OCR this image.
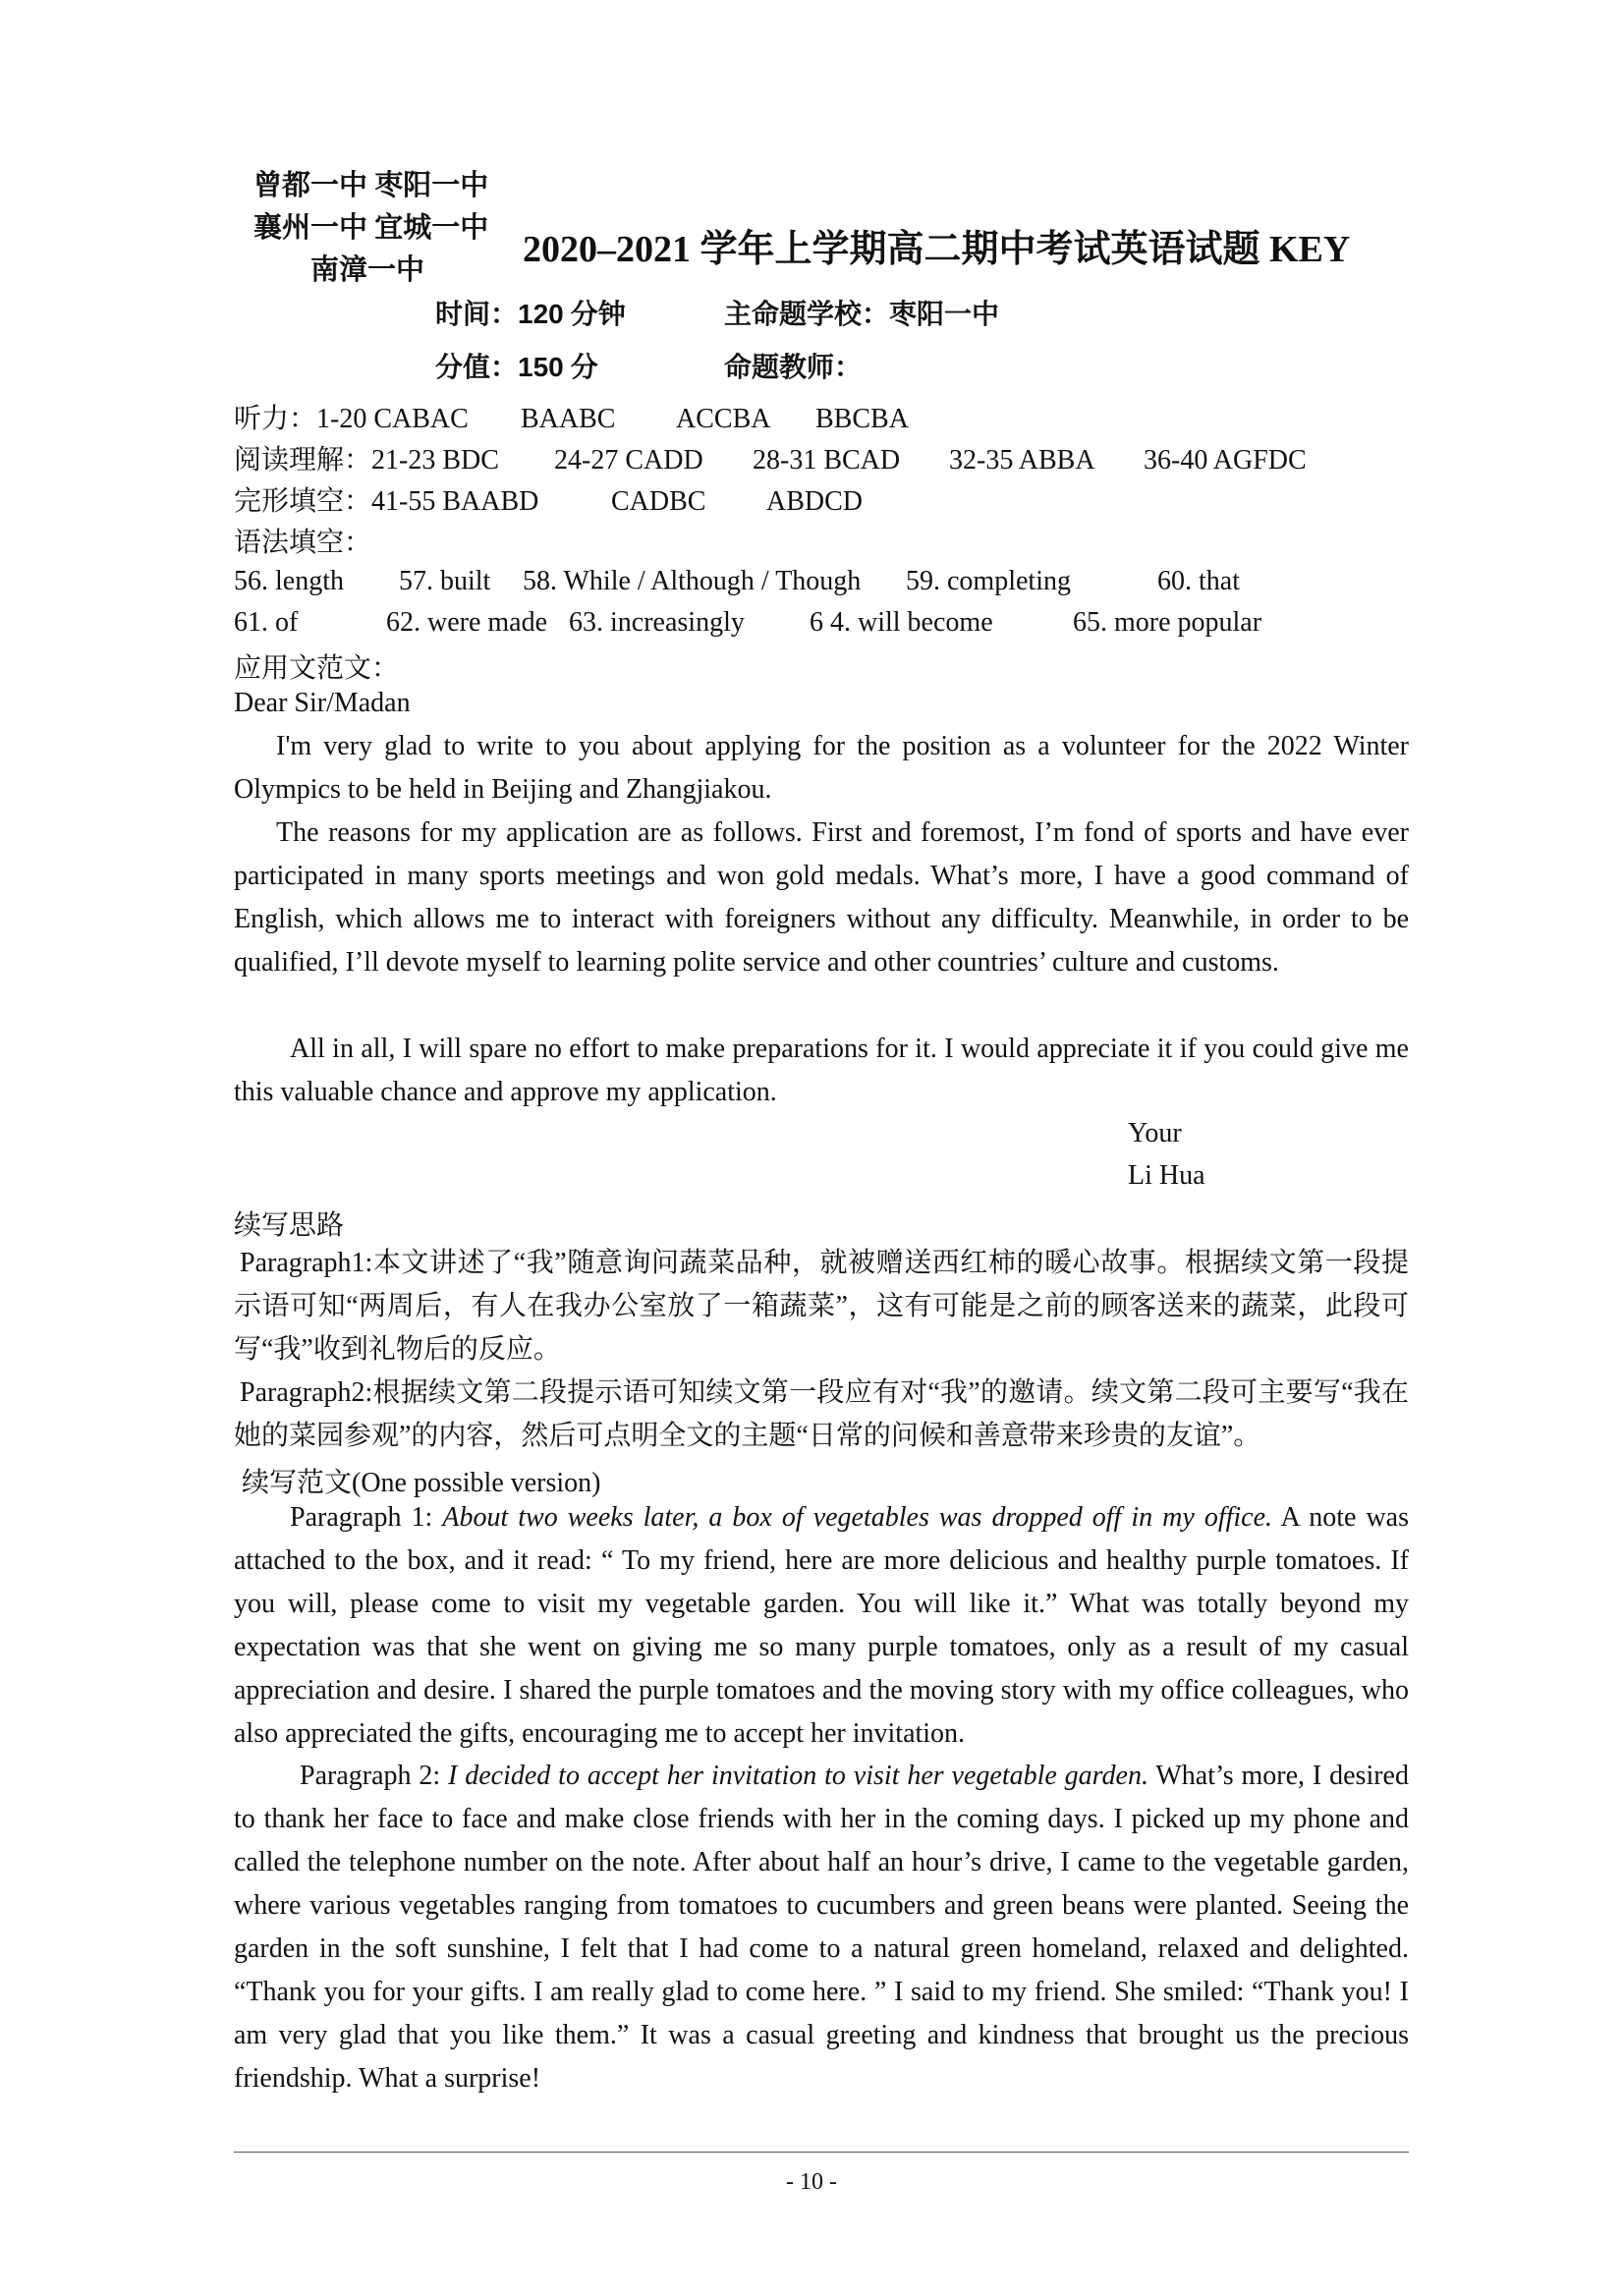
曾都一中 枣阳一中
襄州一中 宜城一中
南漳一中	2020–2021 学年上学期高二期中考试英语试题 KEY
时间：120 分钟	主命题学校：枣阳一中
分值：150 分	命题教师：
听力：1-20 CABAC BAABC ACCBA BBCBA
阅读理解：21-23 BDC 24-27 CADD 28-31 BCAD 32-35 ABBA 36-40 AGFDC
完形填空：41-55 BAABD	CADBC ABDCD
语法填空：
56. length 57. built 58. While / Although / Though 59. completing	60. that
61. of	62. were made 63. increasingly 6 4. will become	65. more popular
应用文范文：
Dear Sir/Madan

I'm very glad to write to you about applying for the position as a volunteer for the 2022 Winter Olympics to be held in Beijing and Zhangjiakou.

The reasons for my application are as follows. First and foremost, I’m fond of sports and have ever participated in many sports meetings and won gold medals. What’s more, I have a good command of English, which allows me to interact with foreigners without any difficulty. Meanwhile, in order to be qualified, I’ll devote myself to learning polite service and other countries’ culture and customs.

All in all, I will spare no effort to make preparations for it. I would appreciate it if you could give me this valuable chance and approve my application.

Your
Li Hua
续写思路

Paragraph1:本文讲述了“我”随意询问蔬菜品种，就被赠送西红柿的暖心故事。根据续文第一段提示语可知“两周后，有人在我办公室放了一箱蔬菜”，这有可能是之前的顾客送来的蔬菜，此段可写“我”收到礼物后的反应。

Paragraph2:根据续文第二段提示语可知续文第一段应有对“我”的邀请。续文第二段可主要写“我在她的菜园参观”的内容，然后可点明全文的主题“日常的问候和善意带来珍贵的友谊”。

续写范文(One possible version)

Paragraph 1: About two weeks later, a box of vegetables was dropped off in my office. A note was attached to the box, and it read: “ To my friend, here are more delicious and healthy purple tomatoes. If you will, please come to visit my vegetable garden. You will like it.” What was totally beyond my expectation was that she went on giving me so many purple tomatoes, only as a result of my casual appreciation and desire. I shared the purple tomatoes and the moving story with my office colleagues, who also appreciated the gifts, encouraging me to accept her invitation.

Paragraph 2: I decided to accept her invitation to visit her vegetable garden. What’s more, I desired to thank her face to face and make close friends with her in the coming days. I picked up my phone and called the telephone number on the note. After about half an hour’s drive, I came to the vegetable garden, where various vegetables ranging from tomatoes to cucumbers and green beans were planted. Seeing the garden in the soft sunshine, I felt that I had come to a natural green homeland, relaxed and delighted. “Thank you for your gifts. I am really glad to come here. ” I said to my friend. She smiled: “Thank you! I am very glad that you like them.” It was a casual greeting and kindness that brought us the precious friendship. What a surprise!

- 10 -
